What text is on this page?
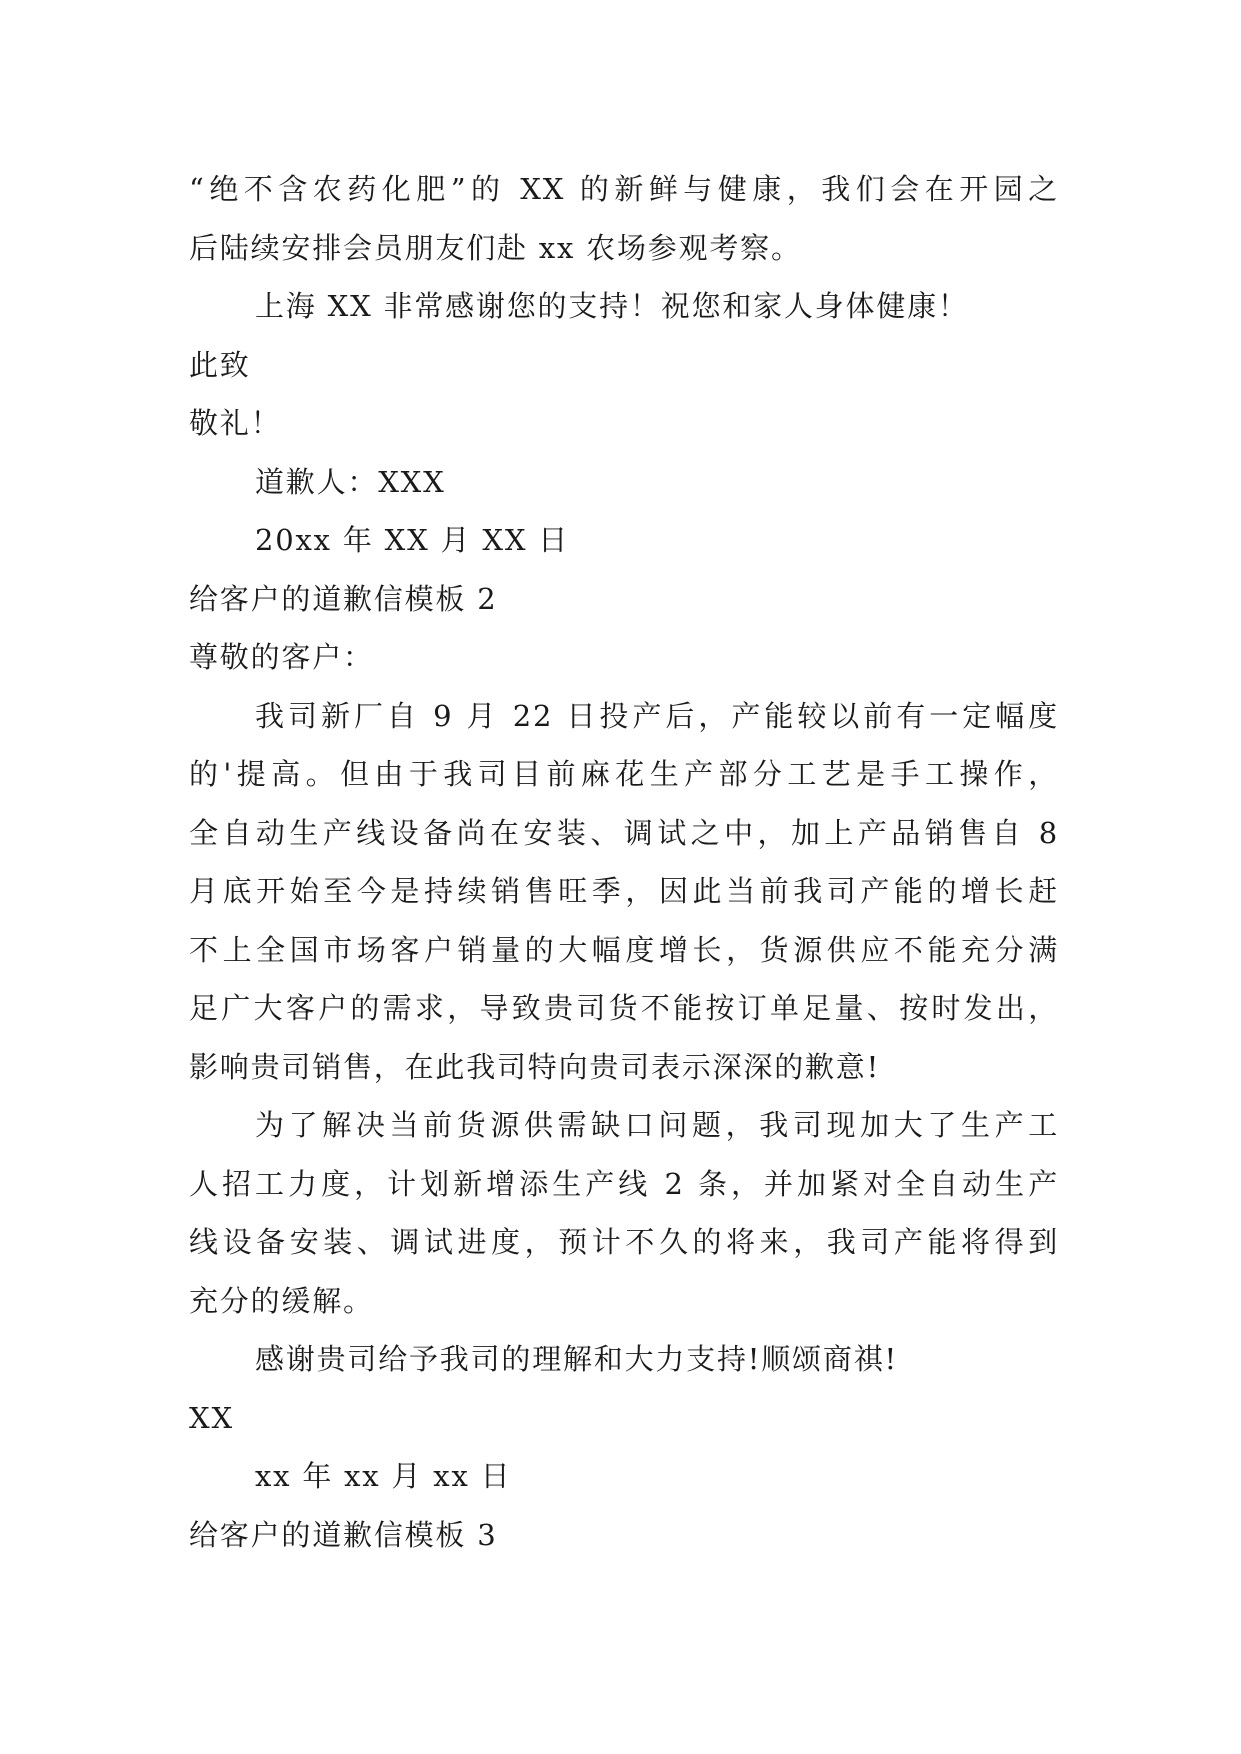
“绝不含农药化肥”的 XX 的新鲜与健康，我们会在开园之
后陆续安排会员朋友们赴 xx 农场参观考察。
上海 XX 非常感谢您的支持！祝您和家人身体健康！
此致
敬礼！
道歉人：XXX
20xx 年 XX 月 XX 日
给客户的道歉信模板 2
尊敬的客户：
我司新厂自 9 月 22 日投产后，产能较以前有一定幅度
的'提高。但由于我司目前麻花生产部分工艺是手工操作，
全自动生产线设备尚在安装、调试之中，加上产品销售自 8
月底开始至今是持续销售旺季，因此当前我司产能的增长赶
不上全国市场客户销量的大幅度增长，货源供应不能充分满
足广大客户的需求，导致贵司货不能按订单足量、按时发出，
影响贵司销售，在此我司特向贵司表示深深的歉意!
为了解决当前货源供需缺口问题，我司现加大了生产工
人招工力度，计划新增添生产线 2 条，并加紧对全自动生产
线设备安装、调试进度，预计不久的将来，我司产能将得到
充分的缓解。
感谢贵司给予我司的理解和大力支持!顺颂商祺!
XX
xx 年 xx 月 xx 日
给客户的道歉信模板 3
